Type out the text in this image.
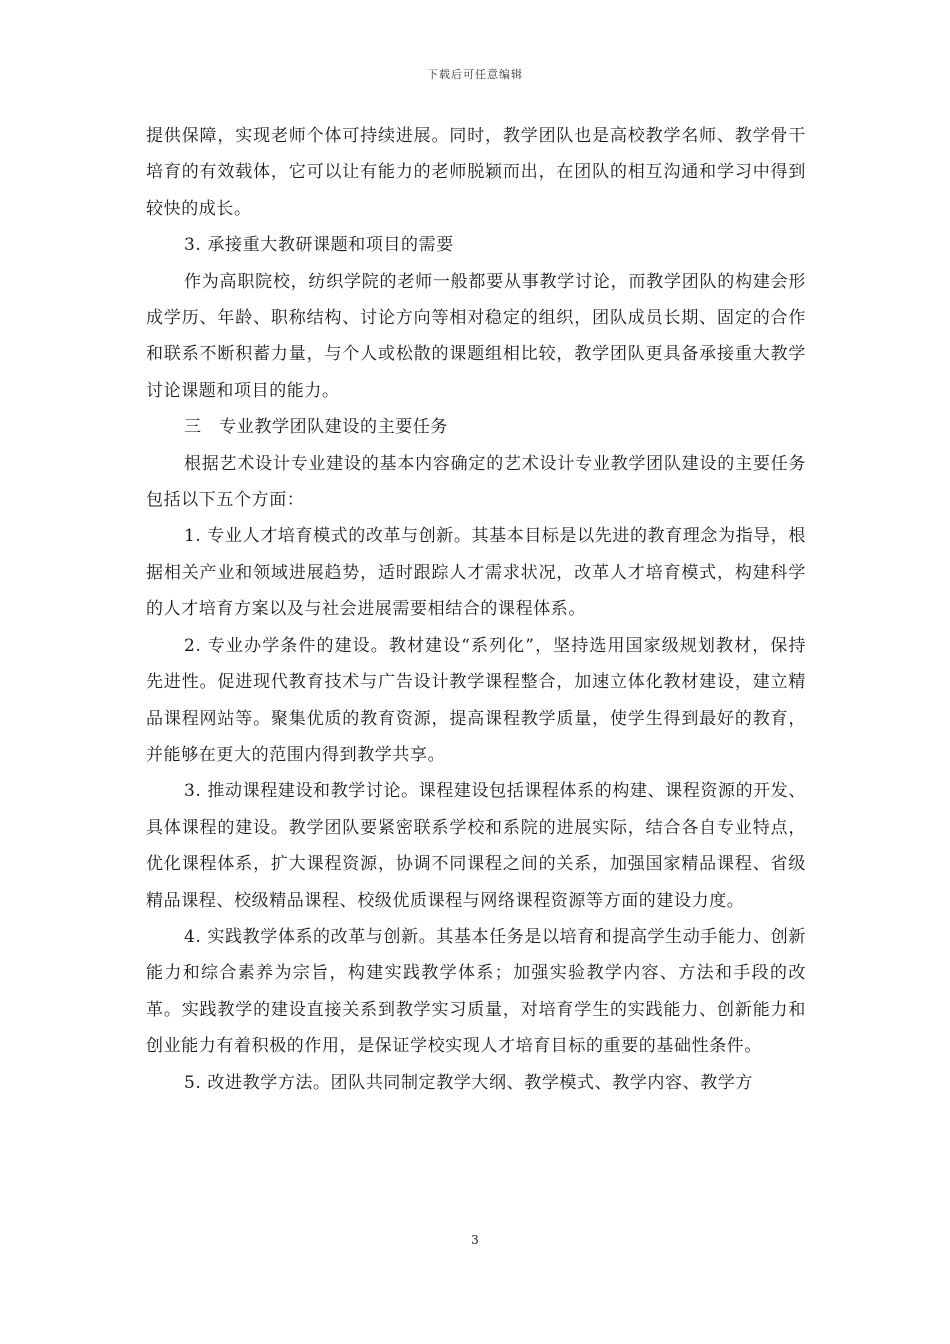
下载后可任意编辑

提供保障，实现老师个体可持续进展。同时，教学团队也是高校教学名师、教学骨干培育的有效载体，它可以让有能力的老师脱颖而出，在团队的相互沟通和学习中得到较快的成长。

3. 承接重大教研课题和项目的需要

作为高职院校，纺织学院的老师一般都要从事教学讨论，而教学团队的构建会形成学历、年龄、职称结构、讨论方向等相对稳定的组织，团队成员长期、固定的合作和联系不断积蓄力量，与个人或松散的课题组相比较，教学团队更具备承接重大教学讨论课题和项目的能力。

三　专业教学团队建设的主要任务

根据艺术设计专业建设的基本内容确定的艺术设计专业教学团队建设的主要任务包括以下五个方面：

1. 专业人才培育模式的改革与创新。其基本目标是以先进的教育理念为指导，根据相关产业和领域进展趋势，适时跟踪人才需求状况，改革人才培育模式，构建科学的人才培育方案以及与社会进展需要相结合的课程体系。

2. 专业办学条件的建设。教材建设“系列化”，坚持选用国家级规划教材，保持先进性。促进现代教育技术与广告设计教学课程整合，加速立体化教材建设，建立精品课程网站等。聚集优质的教育资源，提高课程教学质量，使学生得到最好的教育，并能够在更大的范围内得到教学共享。

3. 推动课程建设和教学讨论。课程建设包括课程体系的构建、课程资源的开发、具体课程的建设。教学团队要紧密联系学校和系院的进展实际，结合各自专业特点，优化课程体系，扩大课程资源，协调不同课程之间的关系，加强国家精品课程、省级精品课程、校级精品课程、校级优质课程与网络课程资源等方面的建设力度。

4. 实践教学体系的改革与创新。其基本任务是以培育和提高学生动手能力、创新能力和综合素养为宗旨，构建实践教学体系；加强实验教学内容、方法和手段的改革。实践教学的建设直接关系到教学实习质量，对培育学生的实践能力、创新能力和创业能力有着积极的作用，是保证学校实现人才培育目标的重要的基础性条件。

5. 改进教学方法。团队共同制定教学大纲、教学模式、教学内容、教学方

3
